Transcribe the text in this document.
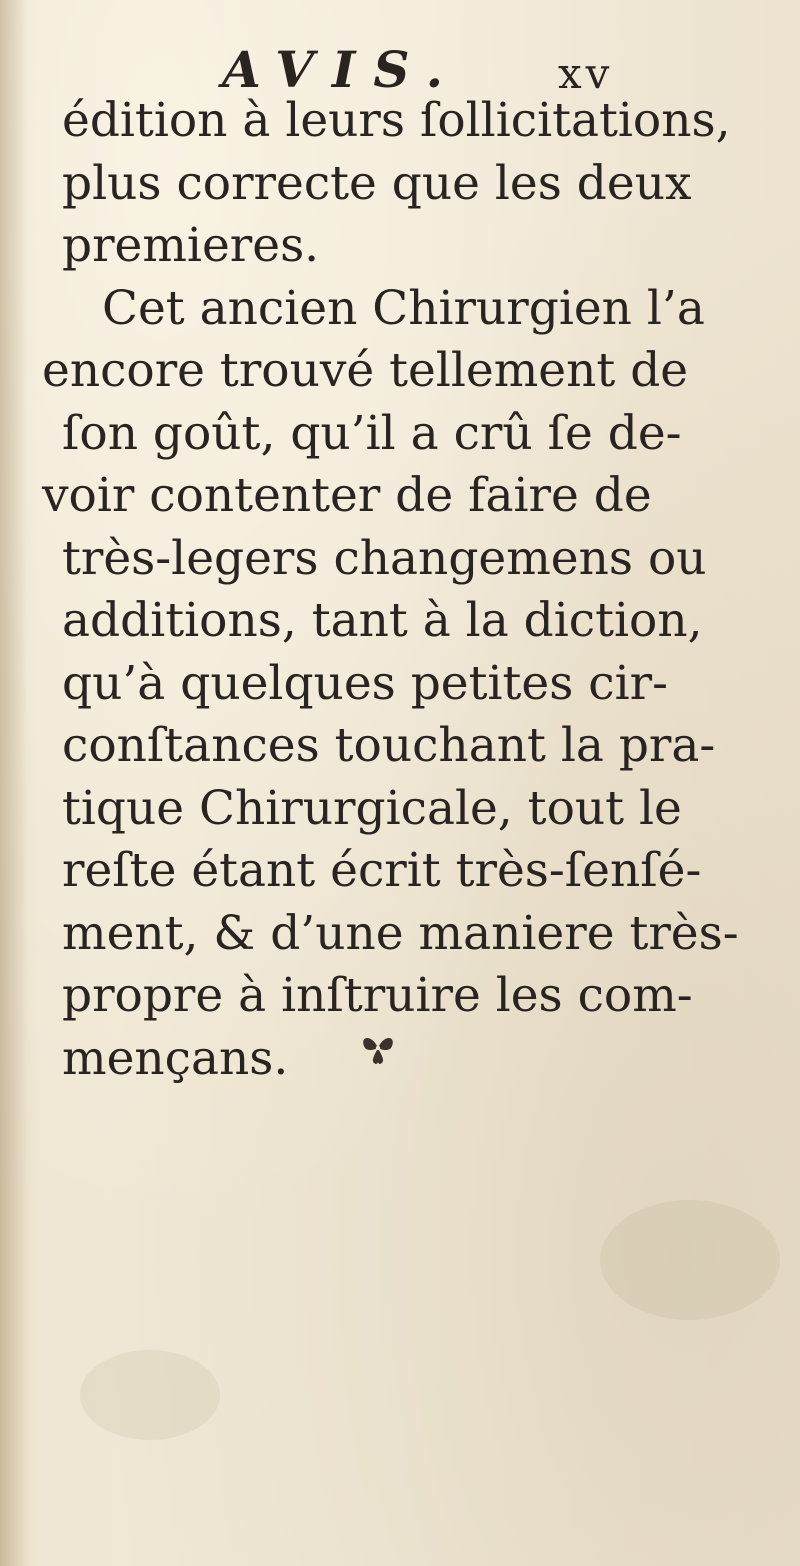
AVIS. xv
édition à leurs ſollicitations,
plus correcte que les deux
premieres.
Cet ancien Chirurgien l’a
encore trouvé tellement de
ſon goût, qu’il a crû ſe de-
voir contenter de faire de
très-legers changemens ou
additions, tant à la diction,
qu’à quelques petites cir-
conſtances touchant la pra-
tique Chirurgicale, tout le
reſte étant écrit très-ſenſé-
ment, & d’une maniere très-
propre à inſtruire les com-
mençans.
